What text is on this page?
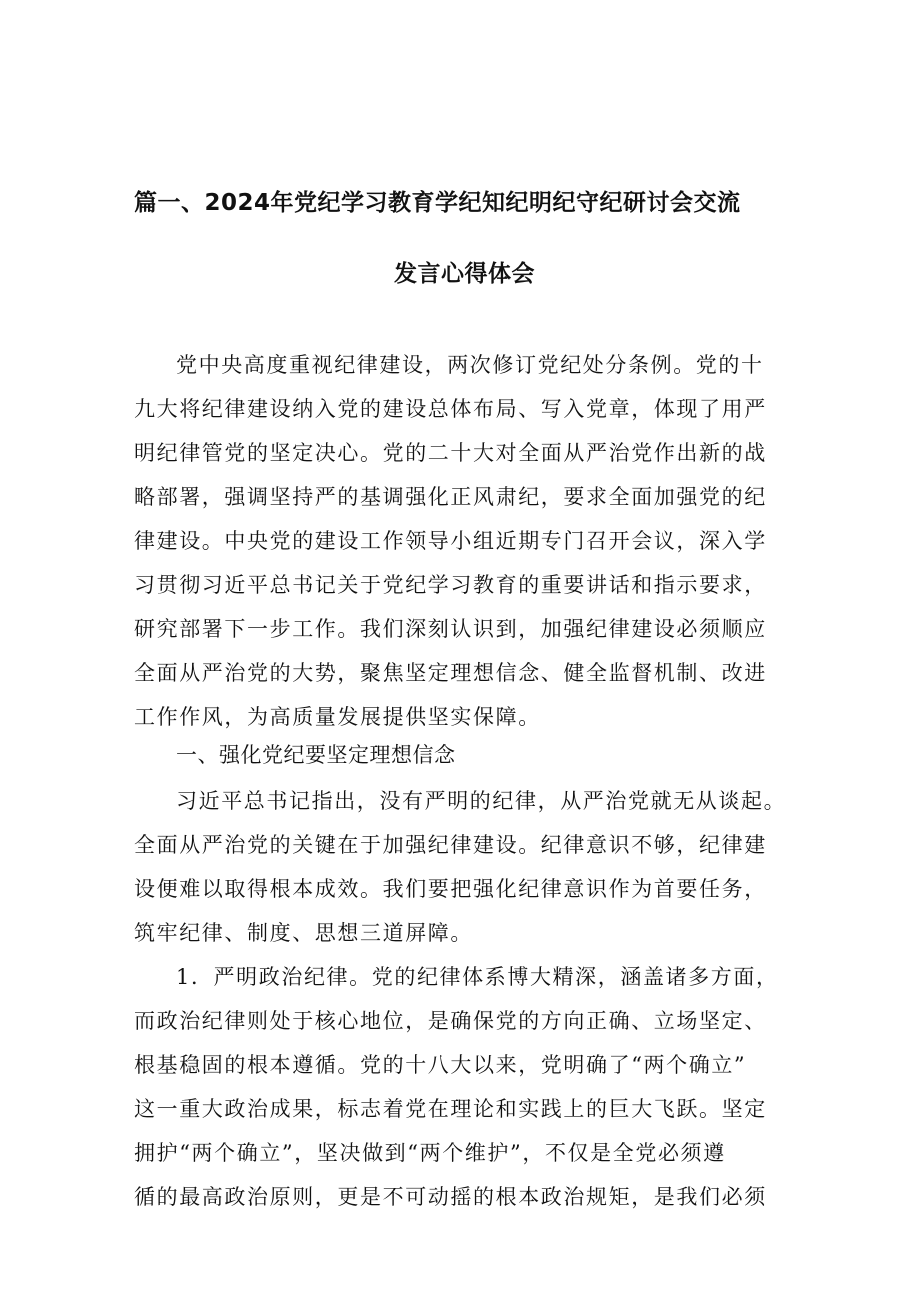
篇一、2024年党纪学习教育学纪知纪明纪守纪研讨会交流
发言心得体会
党中央高度重视纪律建设，两次修订党纪处分条例。党的十
九大将纪律建设纳入党的建设总体布局、写入党章，体现了用严
明纪律管党的坚定决心。党的二十大对全面从严治党作出新的战
略部署，强调坚持严的基调强化正风肃纪，要求全面加强党的纪
律建设。中央党的建设工作领导小组近期专门召开会议，深入学
习贯彻习近平总书记关于党纪学习教育的重要讲话和指示要求，
研究部署下一步工作。我们深刻认识到，加强纪律建设必须顺应
全面从严治党的大势，聚焦坚定理想信念、健全监督机制、改进
工作作风，为高质量发展提供坚实保障。
一、强化党纪要坚定理想信念
习近平总书记指出，没有严明的纪律，从严治党就无从谈起。
全面从严治党的关键在于加强纪律建设。纪律意识不够，纪律建
设便难以取得根本成效。我们要把强化纪律意识作为首要任务，
筑牢纪律、制度、思想三道屏障。
1．严明政治纪律。党的纪律体系博大精深，涵盖诸多方面，
而政治纪律则处于核心地位，是确保党的方向正确、立场坚定、
根基稳固的根本遵循。党的十八大以来，党明确了“两个确立”
这一重大政治成果，标志着党在理论和实践上的巨大飞跃。坚定
拥护“两个确立”，坚决做到“两个维护”，不仅是全党必须遵
循的最高政治原则，更是不可动摇的根本政治规矩，是我们必须
